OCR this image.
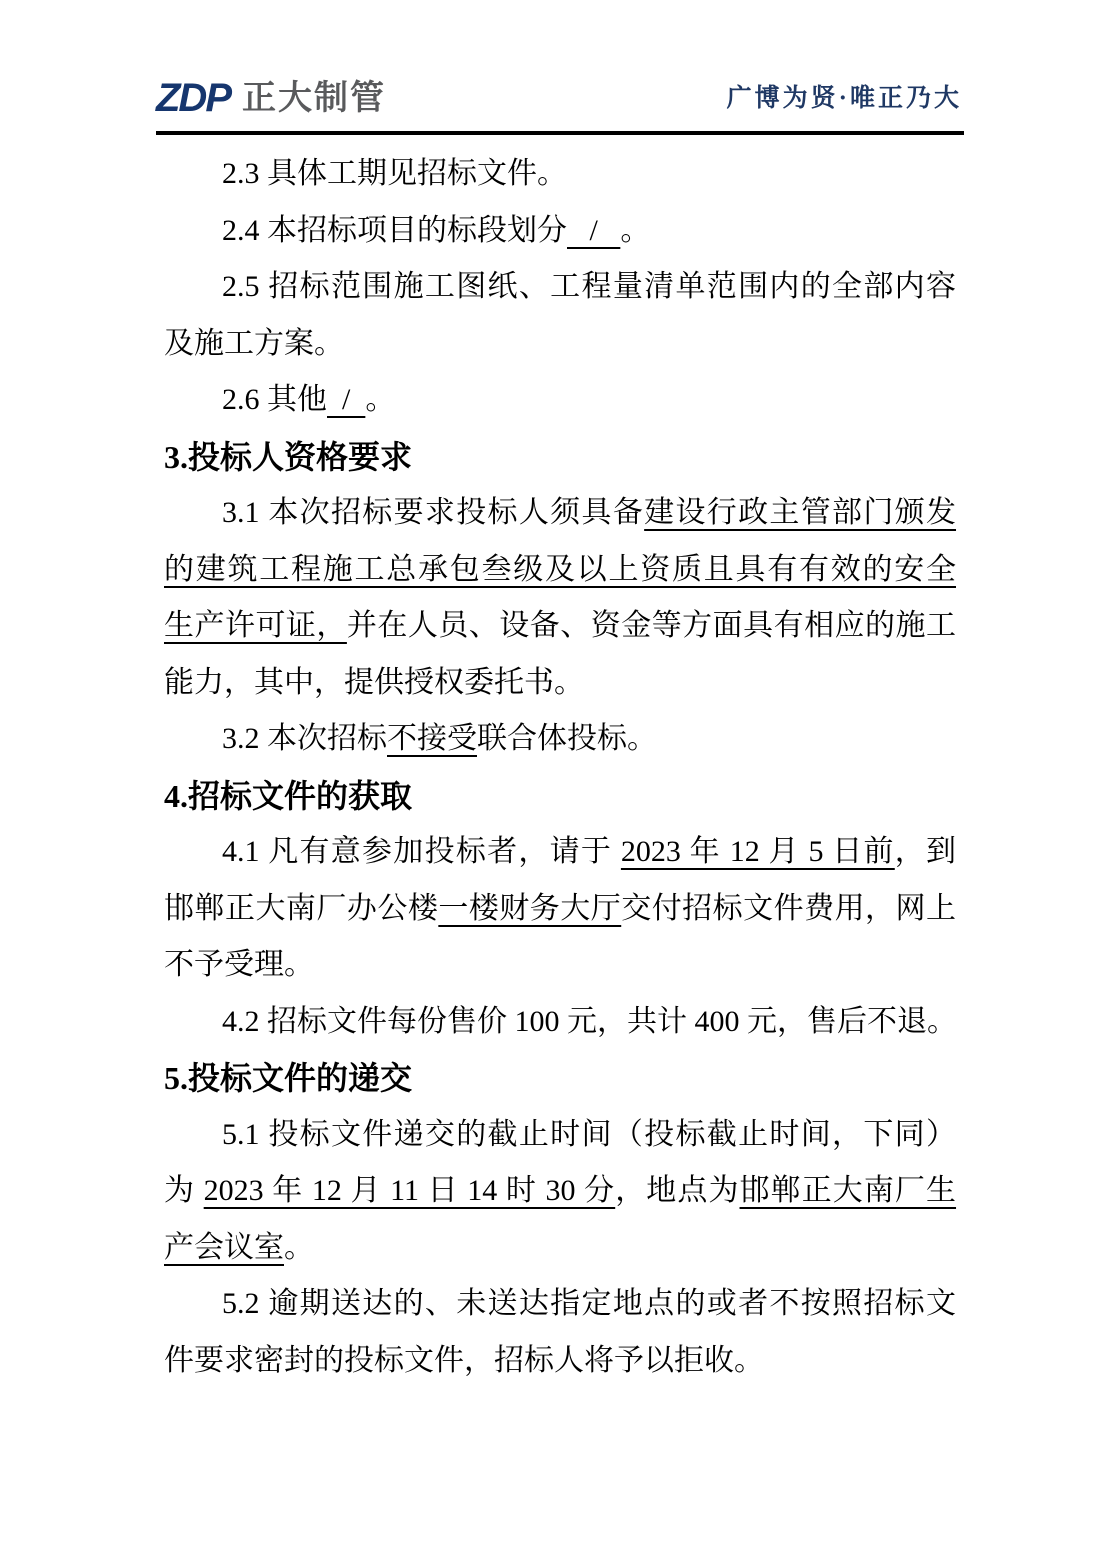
ZDP 正大制管	广博为贤·唯正乃大
2.3 具体工期见招标文件。
2.4 本招标项目的标段划分   /   。
2.5 招标范围施工图纸、工程量清单范围内的全部内容
及施工方案。
2.6 其他  /  。
3.投标人资格要求
3.1 本次招标要求投标人须具备建设行政主管部门颁发
的建筑工程施工总承包叁级及以上资质且具有有效的安全
生产许可证，并在人员、设备、资金等方面具有相应的施工
能力，其中，提供授权委托书。
3.2 本次招标不接受联合体投标。
4.招标文件的获取
4.1 凡有意参加投标者，请于 2023 年 12 月 5 日前，到
邯郸正大南厂办公楼一楼财务大厅交付招标文件费用，网上
不予受理。
4.2 招标文件每份售价 100 元，共计 400 元，售后不退。
5.投标文件的递交
5.1 投标文件递交的截止时间（投标截止时间，下同）
为 2023 年 12 月 11 日 14 时 30 分，地点为邯郸正大南厂生
产会议室。
5.2 逾期送达的、未送达指定地点的或者不按照招标文
件要求密封的投标文件，招标人将予以拒收。
